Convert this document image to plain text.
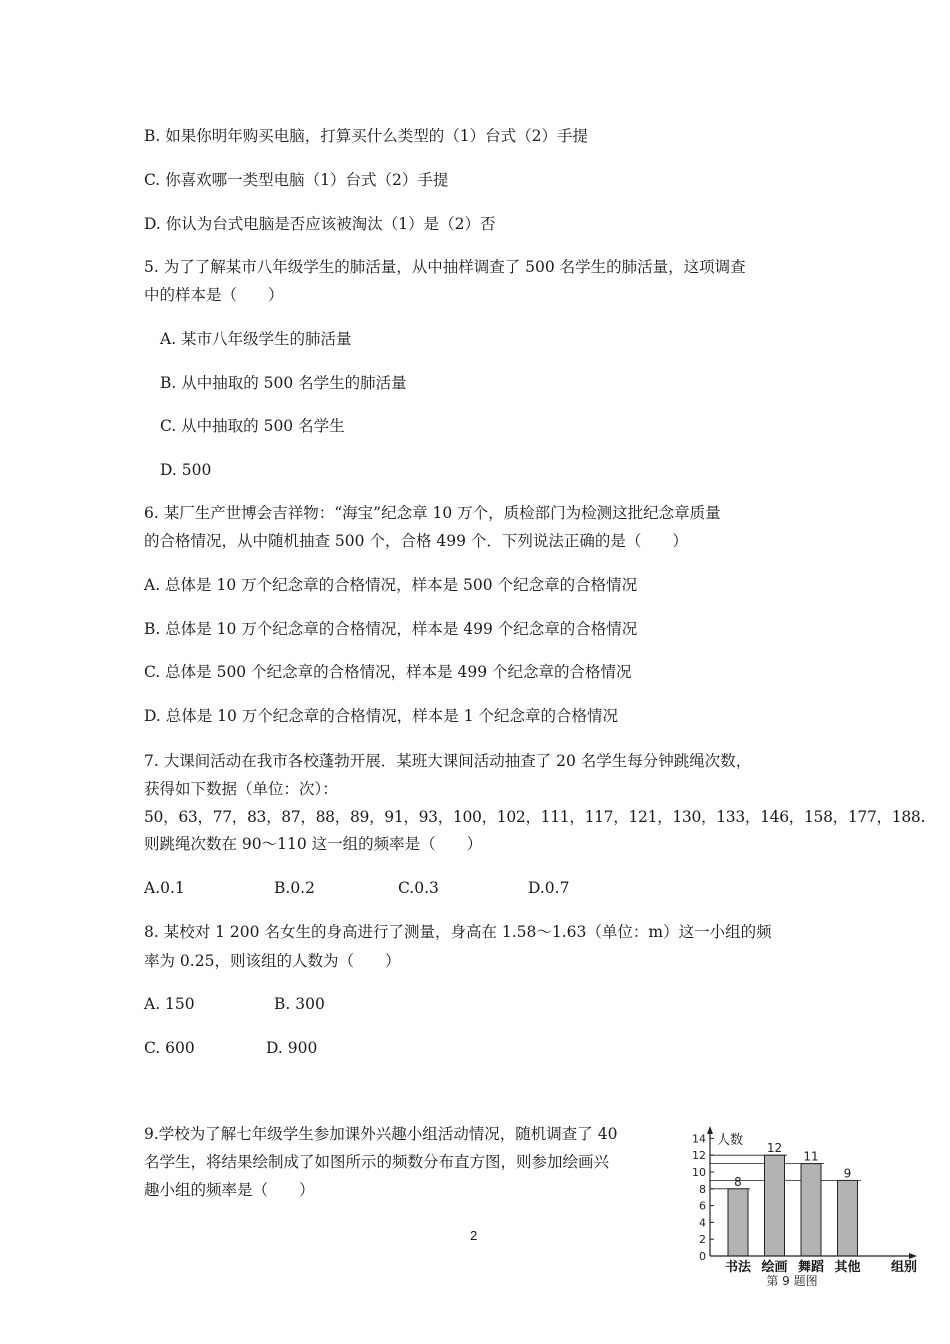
B. 如果你明年购买电脑，打算买什么类型的（1）台式（2）手提
C. 你喜欢哪一类型电脑（1）台式（2）手提
D. 你认为台式电脑是否应该被淘汰（1）是（2）否
5. 为了了解某市八年级学生的肺活量，从中抽样调查了 500 名学生的肺活量，这项调查
中的样本是（　　）
A. 某市八年级学生的肺活量
B. 从中抽取的 500 名学生的肺活量
C. 从中抽取的 500 名学生
D. 500
6. 某厂生产世博会吉祥物：“海宝”纪念章 10 万个，质检部门为检测这批纪念章质量
的合格情况，从中随机抽查 500 个，合格 499 个．下列说法正确的是（　　）
A. 总体是 10 万个纪念章的合格情况，样本是 500 个纪念章的合格情况
B. 总体是 10 万个纪念章的合格情况，样本是 499 个纪念章的合格情况
C. 总体是 500 个纪念章的合格情况，样本是 499 个纪念章的合格情况
D. 总体是 10 万个纪念章的合格情况，样本是 1 个纪念章的合格情况
7. 大课间活动在我市各校蓬勃开展．某班大课间活动抽查了 20 名学生每分钟跳绳次数，
获得如下数据（单位：次）：
50，63，77，83，87，88，89，91，93，100，102，111，117，121，130，133，146，158，177，188.
则跳绳次数在 90～110 这一组的频率是（　　）
A.0.1	B.0.2	C.0.3	D.0.7
8. 某校对 1 200 名女生的身高进行了测量，身高在 1.58～1.63（单位：m）这一小组的频
率为 0.25，则该组的人数为（　　）
A. 150	B. 300
C. 600	D. 900
9.学校为了解七年级学生参加课外兴趣小组活动情况，随机调查了 40
名学生，将结果绘制成了如图所示的频数分布直方图，则参加绘画兴
趣小组的频率是（　　）	8
书法
12
绘画
11
舞蹈
9
其他
0
2
4
6
8
10
12
14 人数
组别
第 9 题图
2
